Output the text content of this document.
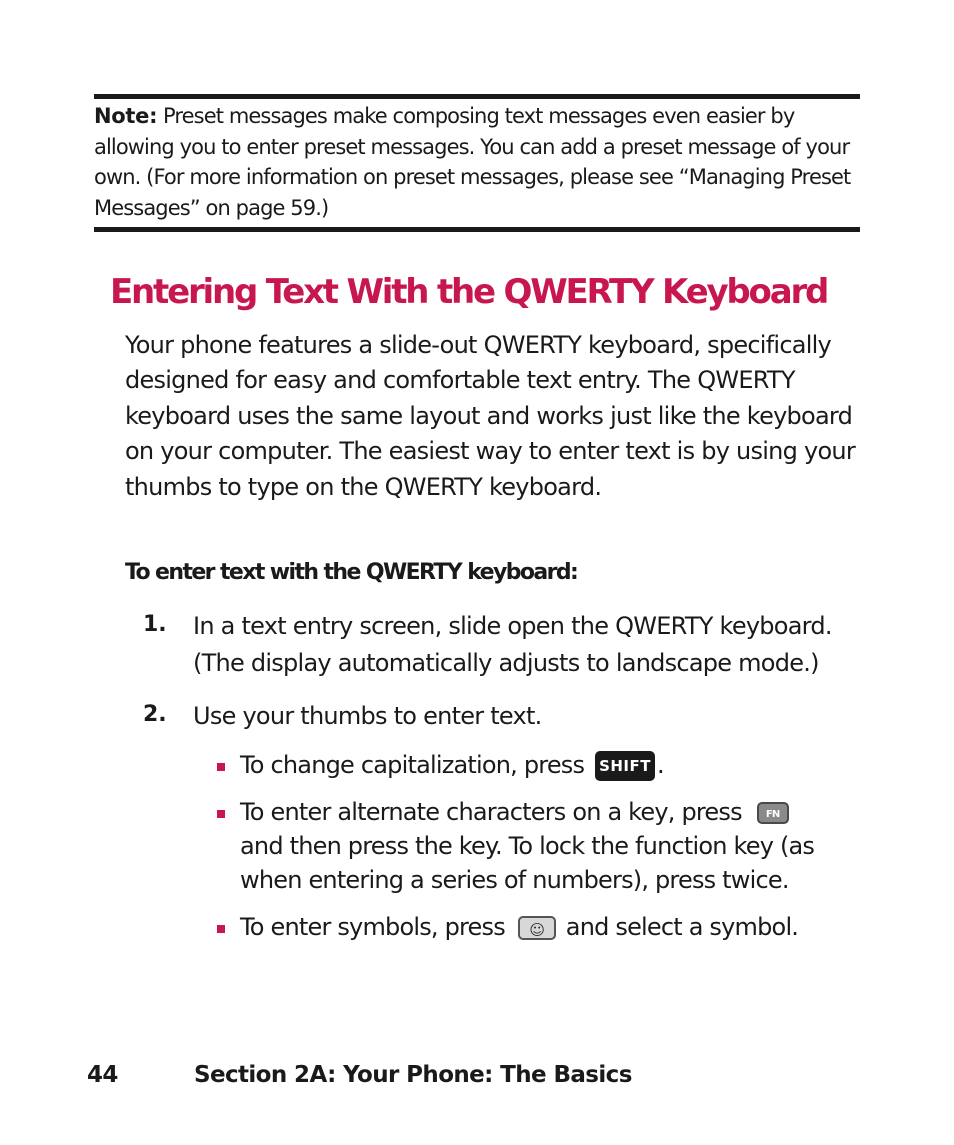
Note: Preset messages make composing text messages even easier by allowing you to enter preset messages. You can add a preset message of your own. (For more information on preset messages, please see “Managing Preset Messages” on page 59.)
Entering Text With the QWERTY Keyboard

Your phone features a slide-out QWERTY keyboard, specifically designed for easy and comfortable text entry. The QWERTY keyboard uses the same layout and works just like the keyboard on your computer. The easiest way to enter text is by using your thumbs to type on the QWERTY keyboard.

To enter text with the QWERTY keyboard:

1. In a text entry screen, slide open the QWERTY keyboard.
(The display automatically adjusts to landscape mode.)
2. Use your thumbs to enter text.
To change capitalization, press SHIFT .
To enter alternate characters on a key, press FN
and then press the key. To lock the function key (as
when entering a series of numbers), press twice.
To enter symbols, press ☺ and select a symbol.
44	Section 2A: Your Phone: The Basics
